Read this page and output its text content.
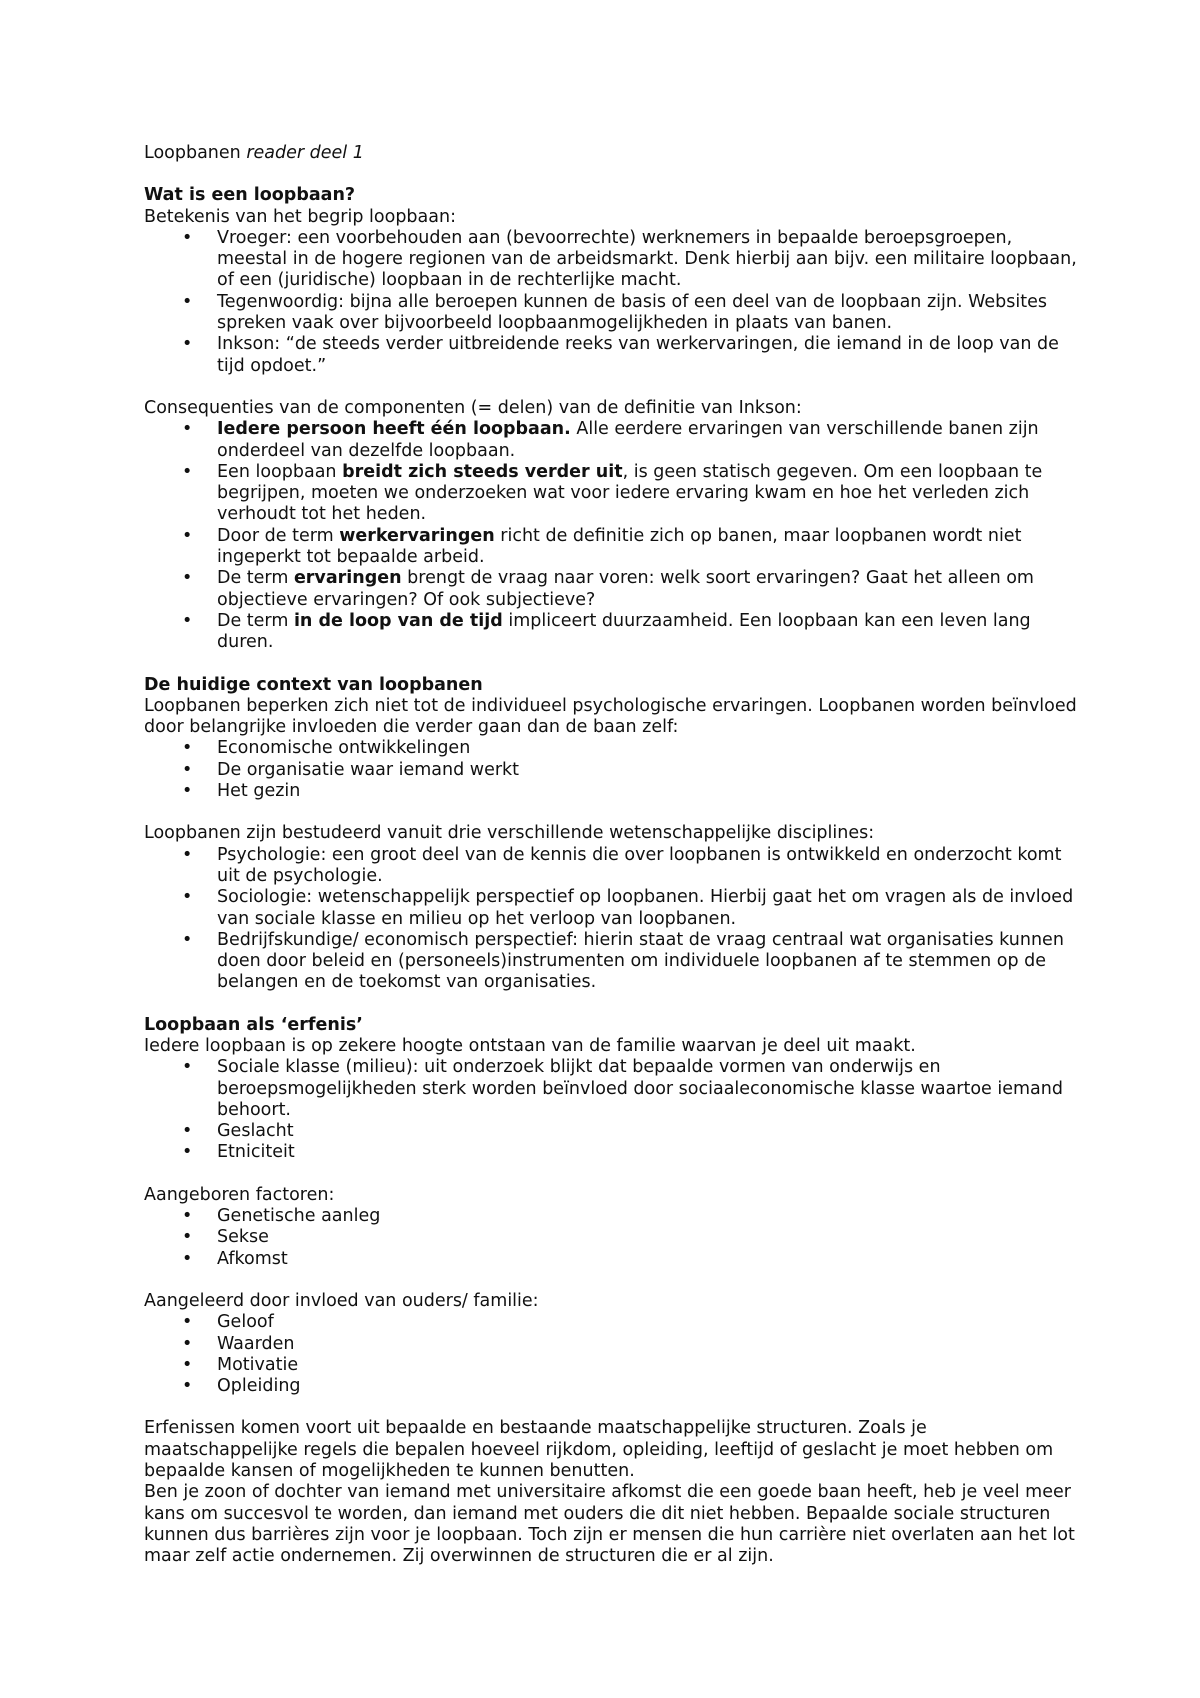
Loopbanen reader deel 1

Wat is een loopbaan?

Betekenis van het begrip loopbaan:

• Vroeger: een voorbehouden aan (bevoorrechte) werknemers in bepaalde beroepsgroepen, meestal in de hogere regionen van de arbeidsmarkt. Denk hierbij aan bijv. een militaire loopbaan, of een (juridische) loopbaan in de rechterlijke macht.
• Tegenwoordig: bijna alle beroepen kunnen de basis of een deel van de loopbaan zijn. Websites spreken vaak over bijvoorbeeld loopbaanmogelijkheden in plaats van banen.
• Inkson: “de steeds verder uitbreidende reeks van werkervaringen, die iemand in de loop van de tijd opdoet.”

Consequenties van de componenten (= delen) van de definitie van Inkson:

• Iedere persoon heeft één loopbaan. Alle eerdere ervaringen van verschillende banen zijn onderdeel van dezelfde loopbaan.
• Een loopbaan breidt zich steeds verder uit, is geen statisch gegeven. Om een loopbaan te begrijpen, moeten we onderzoeken wat voor iedere ervaring kwam en hoe het verleden zich verhoudt tot het heden.
• Door de term werkervaringen richt de definitie zich op banen, maar loopbanen wordt niet ingeperkt tot bepaalde arbeid.
• De term ervaringen brengt de vraag naar voren: welk soort ervaringen? Gaat het alleen om objectieve ervaringen? Of ook subjectieve?
• De term in de loop van de tijd impliceert duurzaamheid. Een loopbaan kan een leven lang duren.
De huidige context van loopbanen

Loopbanen beperken zich niet tot de individueel psychologische ervaringen. Loopbanen worden beïnvloed door belangrijke invloeden die verder gaan dan de baan zelf:

• Economische ontwikkelingen
• De organisatie waar iemand werkt
• Het gezin

Loopbanen zijn bestudeerd vanuit drie verschillende wetenschappelijke disciplines:

• Psychologie: een groot deel van de kennis die over loopbanen is ontwikkeld en onderzocht komt uit de psychologie.
• Sociologie: wetenschappelijk perspectief op loopbanen. Hierbij gaat het om vragen als de invloed van sociale klasse en milieu op het verloop van loopbanen.
• Bedrijfskundige/ economisch perspectief: hierin staat de vraag centraal wat organisaties kunnen doen door beleid en (personeels)instrumenten om individuele loopbanen af te stemmen op de belangen en de toekomst van organisaties.
Loopbaan als ‘erfenis’

Iedere loopbaan is op zekere hoogte ontstaan van de familie waarvan je deel uit maakt.

• Sociale klasse (milieu): uit onderzoek blijkt dat bepaalde vormen van onderwijs en beroepsmogelijkheden sterk worden beïnvloed door sociaaleconomische klasse waartoe iemand behoort.
• Geslacht
• Etniciteit

Aangeboren factoren:

• Genetische aanleg
• Sekse
• Afkomst

Aangeleerd door invloed van ouders/ familie:

• Geloof
• Waarden
• Motivatie
• Opleiding

Erfenissen komen voort uit bepaalde en bestaande maatschappelijke structuren. Zoals je maatschappelijke regels die bepalen hoeveel rijkdom, opleiding, leeftijd of geslacht je moet hebben om bepaalde kansen of mogelijkheden te kunnen benutten.

Ben je zoon of dochter van iemand met universitaire afkomst die een goede baan heeft, heb je veel meer kans om succesvol te worden, dan iemand met ouders die dit niet hebben. Bepaalde sociale structuren kunnen dus barrières zijn voor je loopbaan. Toch zijn er mensen die hun carrière niet overlaten aan het lot maar zelf actie ondernemen. Zij overwinnen de structuren die er al zijn.
